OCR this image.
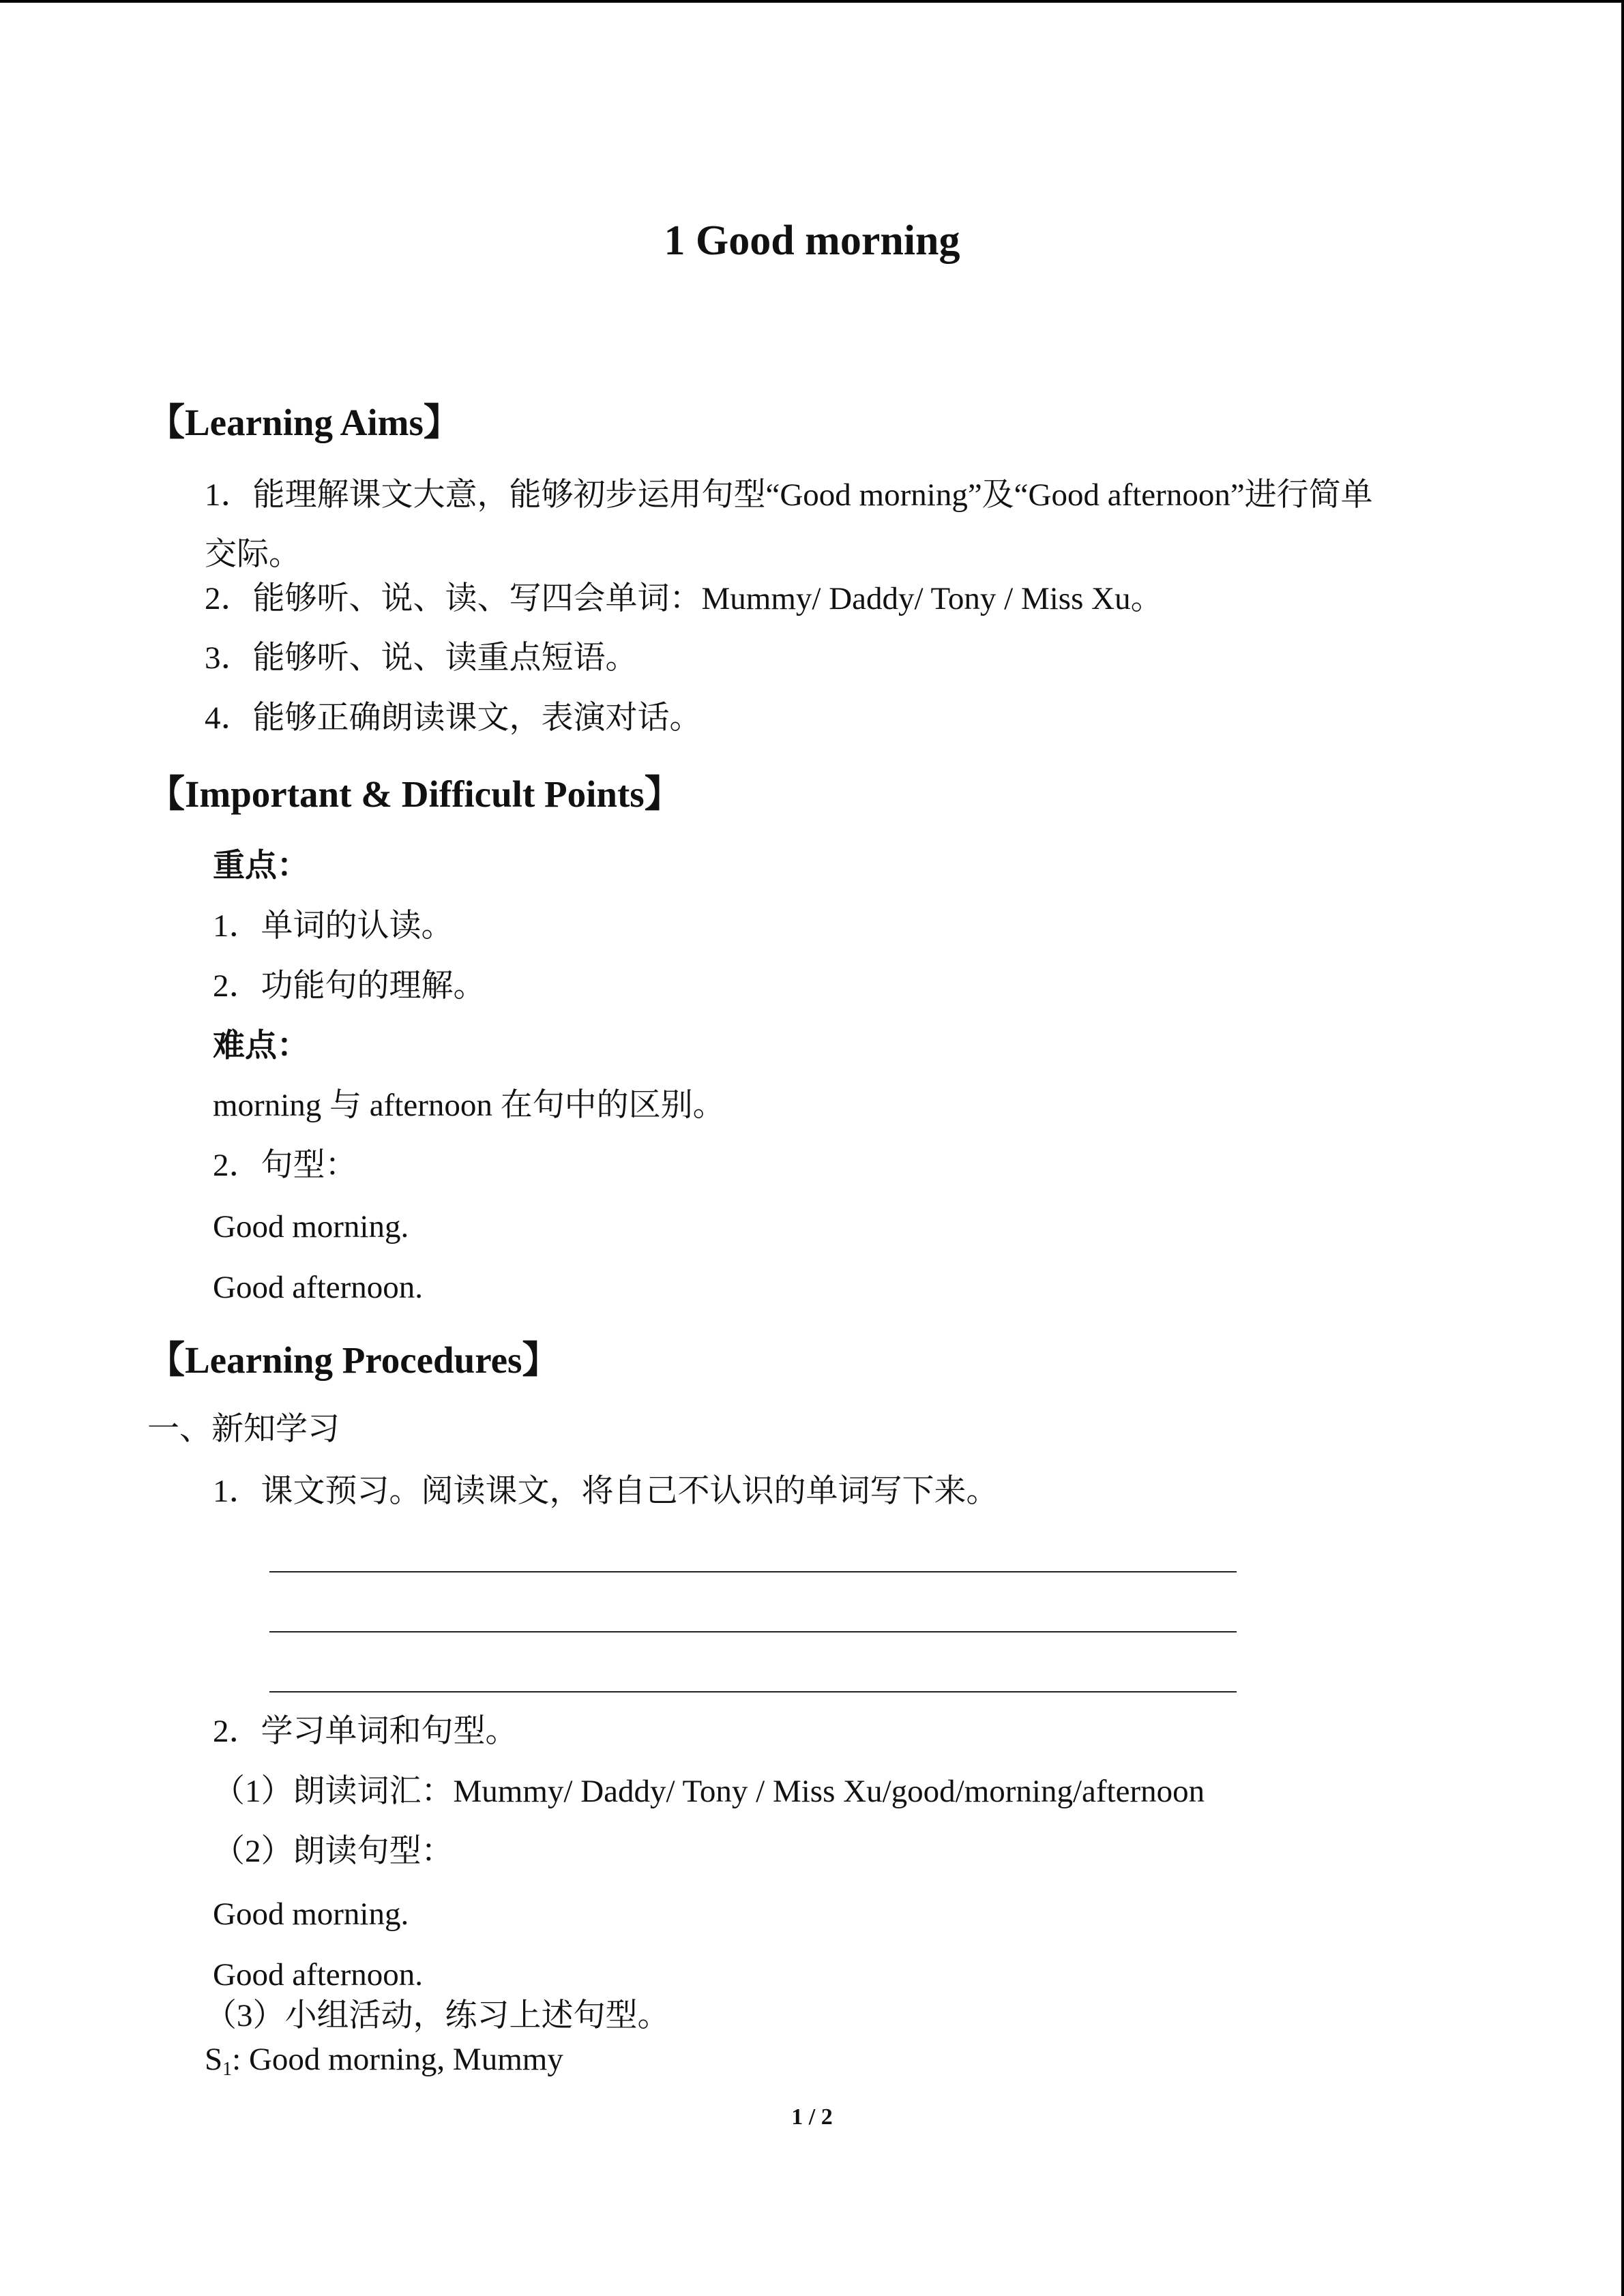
1 Good morning
【Learning Aims】
1．能理解课文大意，能够初步运用句型“Good morning”及“Good afternoon”进行简单
交际。
2．能够听、说、读、写四会单词：Mummy/ Daddy/ Tony / Miss Xu。
3．能够听、说、读重点短语。
4．能够正确朗读课文，表演对话。
【Important & Difficult Points】
重点：
1．单词的认读。
2．功能句的理解。
难点：
morning 与 afternoon 在句中的区别。
2．句型：
Good morning.
Good afternoon.
【Learning Procedures】
一、新知学习
1．课文预习。阅读课文，将自己不认识的单词写下来。
2．学习单词和句型。
（1）朗读词汇：Mummy/ Daddy/ Tony / Miss Xu/good/morning/afternoon
（2）朗读句型：
Good morning.
Good afternoon.
（3）小组活动，练习上述句型。
$S_1$: Good morning, Mummy
1 / 2
